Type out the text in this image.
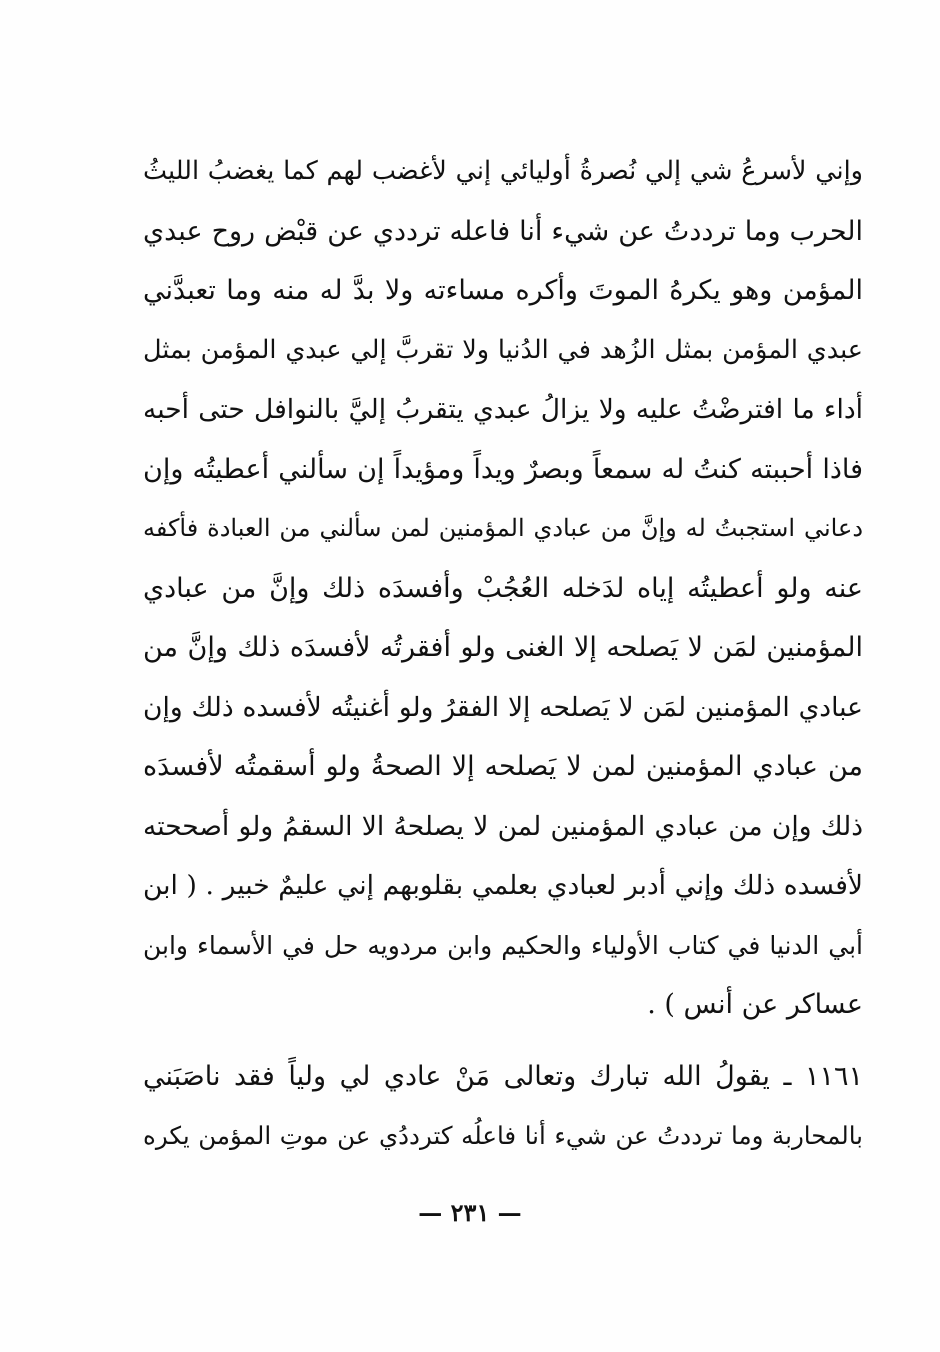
وإني لأسرعُ شي إلي نُصرةُ أوليائي إني لأغضب لهم كما يغضبُ الليثُ
الحرب وما ترددتُ عن شيء أنا فاعله ترددي عن قبْض روح عبدي
المؤمن وهو يكرهُ الموتَ وأكره مساءته ولا بدَّ له منه وما تعبدَّني
عبدي المؤمن بمثل الزُهد في الدُنيا ولا تقربَّ إلي عبدي المؤمن بمثل
أداء ما افترضْتُ عليه ولا يزالُ عبدي يتقربُ إليَّ بالنوافل حتى أحبه
فاذا أحببته كنتُ له سمعاً وبصرٌ ويداً ومؤيداً إن سألني أعطيتُه وإن
دعاني استجبتُ له وإنَّ من عبادي المؤمنين لمن سألني من العبادة فأكفه
عنه ولو أعطيتُه إياه لدَخله العُجُبْ وأفسدَه ذلك وإنَّ من عبادي
المؤمنين لمَن لا يَصلحه إلا الغنى ولو أفقرتُه لأفسدَه ذلك وإنَّ من
عبادي المؤمنين لمَن لا يَصلحه إلا الفقرُ ولو أغنيتُه لأفسده ذلك وإن
من عبادي المؤمنين لمن لا يَصلحه إلا الصحةُ ولو أسقمتُه لأفسدَه
ذلك وإن من عبادي المؤمنين لمن لا يصلحهُ الا السقمُ ولو أصححته
لأفسده ذلك وإني أدبر لعبادي بعلمي بقلوبهم إني عليمٌ خبير . ( ابن
أبي الدنيا في كتاب الأولياء والحكيم وابن مردويه حل في الأسماء وابن
عساكر عن أنس ) .
١١٦١ ـ يقولُ الله تبارك وتعالى مَنْ عادي لي ولياً فقد ناصَبَني
بالمحاربة وما ترددتُ عن شيء أنا فاعلُه كترددُي عن موتِ المؤمن يكره
— ٢٣١ —
